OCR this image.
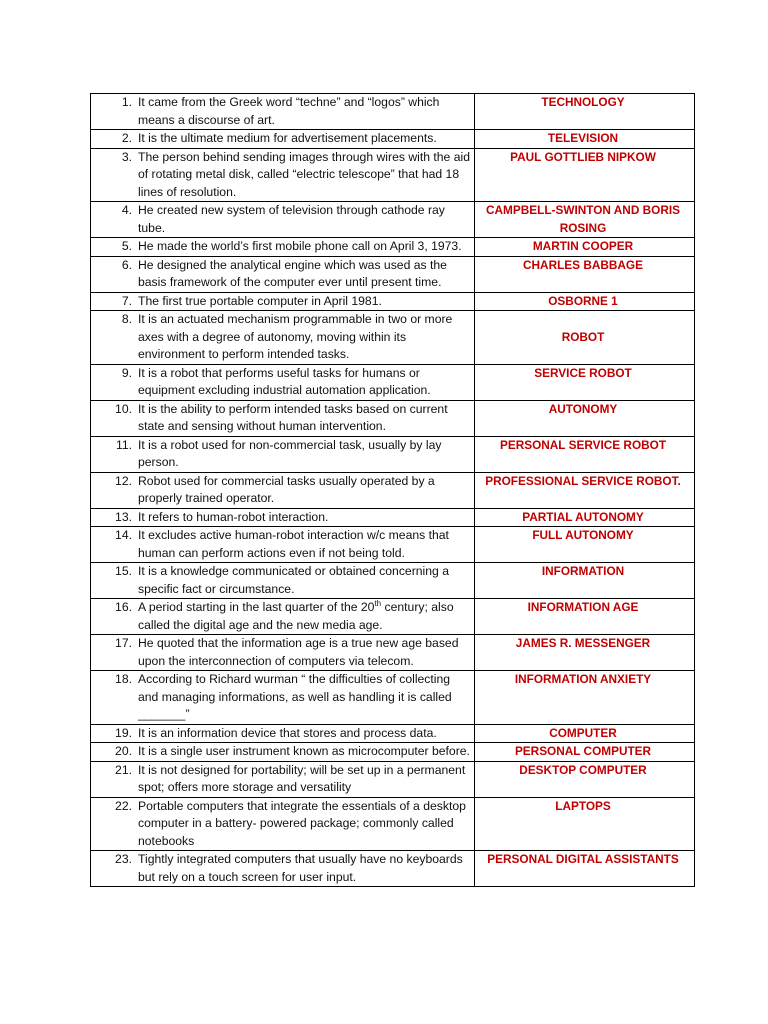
1. It came from the Greek word “techne” and “logos” which means a discourse of art.	TECHNOLOGY

2. It is the ultimate medium for advertisement placements.	TELEVISION

3. The person behind sending images through wires with the aid of rotating metal disk, called “electric telescope” that had 18 lines of resolution.	PAUL GOTTLIEB NIPKOW

4. He created new system of television through cathode ray tube.	CAMPBELL-SWINTON AND BORIS ROSING

5. He made the world’s first mobile phone call on April 3, 1973.	MARTIN COOPER

6. He designed the analytical engine which was used as the basis framework of the computer ever until present time.	CHARLES BABBAGE

7. The first true portable computer in April 1981.	OSBORNE 1

8. It is an actuated mechanism programmable in two or more axes with a degree of autonomy, moving within its environment to perform intended tasks.	ROBOT

9. It is a robot that performs useful tasks for humans or equipment excluding industrial automation application.	SERVICE ROBOT

10. It is the ability to perform intended tasks based on current state and sensing without human intervention.	AUTONOMY

11. It is a robot used for non-commercial task, usually by lay person.	PERSONAL SERVICE ROBOT

12. Robot used for commercial tasks usually operated by a properly trained operator.	PROFESSIONAL SERVICE ROBOT.

13. It refers to human-robot interaction.	PARTIAL AUTONOMY

14. It excludes active human-robot interaction w/c means that human can perform actions even if not being told.	FULL AUTONOMY

15. It is a knowledge communicated or obtained concerning a specific fact or circumstance.	INFORMATION

16. A period starting in the last quarter of the 20th century; also called the digital age and the new media age.	INFORMATION AGE

17. He quoted that the information age is a true new age based upon the interconnection of computers via telecom.	JAMES R. MESSENGER

18. According to Richard wurman “ the difficulties of collecting and managing informations, as well as handling it is called _______”	INFORMATION ANXIETY

19. It is an information device that stores and process data.	COMPUTER

20. It is a single user instrument known as microcomputer before.	PERSONAL COMPUTER

21. It is not designed for portability; will be set up in a permanent spot; offers more storage and versatility	DESKTOP COMPUTER

22. Portable computers that integrate the essentials of a desktop computer in a battery- powered package; commonly called notebooks	LAPTOPS

23. Tightly integrated computers that usually have no keyboards but rely on a touch screen for user input.	PERSONAL DIGITAL ASSISTANTS
